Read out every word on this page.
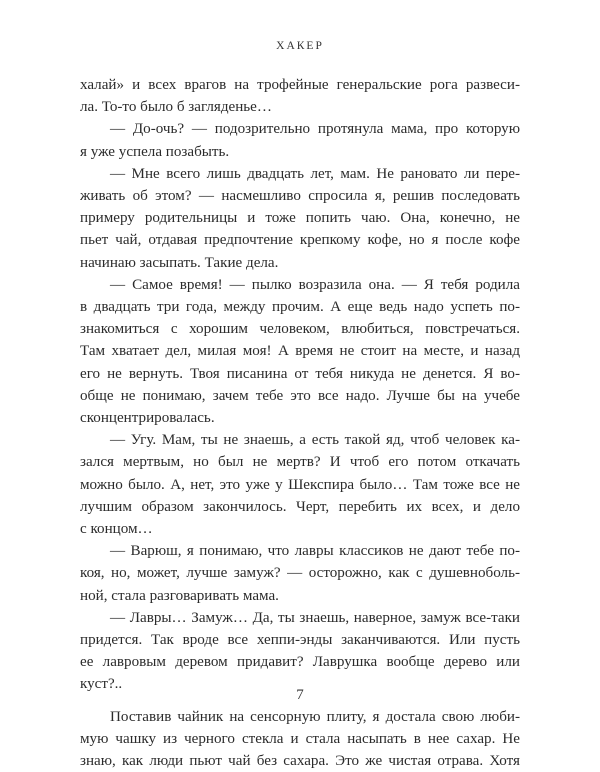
ХАКЕР

халай» и всех врагов на трофейные генеральские рога развеси-

ла. То-то было б загляденье…

— До-очь? — подозрительно протянула мама, про которую

я уже успела позабыть.

— Мне всего лишь двадцать лет, мам. Не рановато ли пере-

живать об этом? — насмешливо спросила я, решив последовать

примеру родительницы и тоже попить чаю. Она, конечно, не

пьет чай, отдавая предпочтение крепкому кофе, но я после кофе

начинаю засыпать. Такие дела.

— Самое время! — пылко возразила она. — Я тебя родила

в двадцать три года, между прочим. А еще ведь надо успеть по-

знакомиться с хорошим человеком, влюбиться, повстречаться.

Там хватает дел, милая моя! А время не стоит на месте, и назад

его не вернуть. Твоя писанина от тебя никуда не денется. Я во-

обще не понимаю, зачем тебе это все надо. Лучше бы на учебе

сконцентрировалась.

— Угу. Мам, ты не знаешь, а есть такой яд, чтоб человек ка-

зался мертвым, но был не мертв? И чтоб его потом откачать

можно было. А, нет, это уже у Шекспира было… Там тоже все не

лучшим образом закончилось. Черт, перебить их всех, и дело

с концом…

— Варюш, я понимаю, что лавры классиков не дают тебе по-

коя, но, может, лучше замуж? — осторожно, как с душевноболь-

ной, стала разговаривать мама.

— Лавры… Замуж… Да, ты знаешь, наверное, замуж все-таки

придется. Так вроде все хеппи-энды заканчиваются. Или пусть

ее лавровым деревом придавит? Лаврушка вообще дерево или

куст?..

Поставив чайник на сенсорную плиту, я достала свою люби-

мую чашку из черного стекла и стала насыпать в нее сахар. Не

знаю, как люди пьют чай без сахара. Это же чистая отрава. Хотя

7
